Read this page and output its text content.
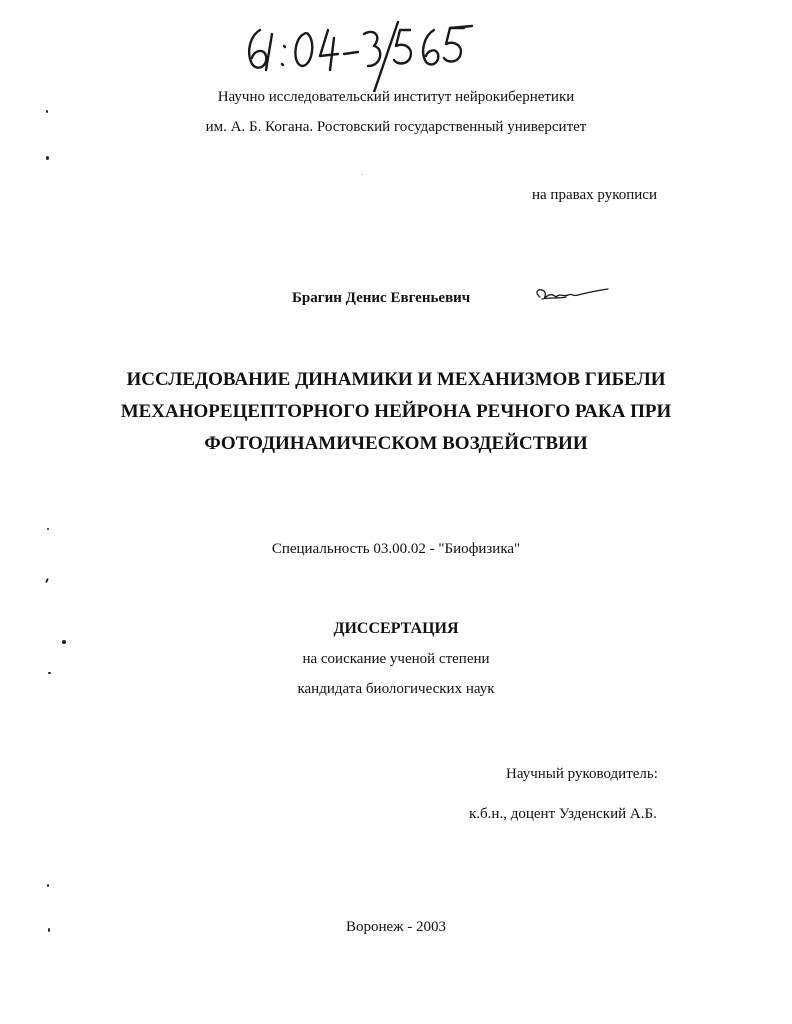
Научно исследовательский институт нейрокибернетики
им. А. Б. Когана. Ростовский государственный университет
на правах рукописи
Брагин Денис Евгеньевич
ИССЛЕДОВАНИЕ ДИНАМИКИ И МЕХАНИЗМОВ ГИБЕЛИ
МЕХАНОРЕЦЕПТОРНОГО НЕЙРОНА РЕЧНОГО РАКА ПРИ
ФОТОДИНАМИЧЕСКОМ ВОЗДЕЙСТВИИ
Специальность 03.00.02 - "Биофизика"
ДИССЕРТАЦИЯ
на соискание ученой степени
кандидата биологических наук
Научный руководитель:
к.б.н., доцент Узденский А.Б.
Воронеж - 2003
